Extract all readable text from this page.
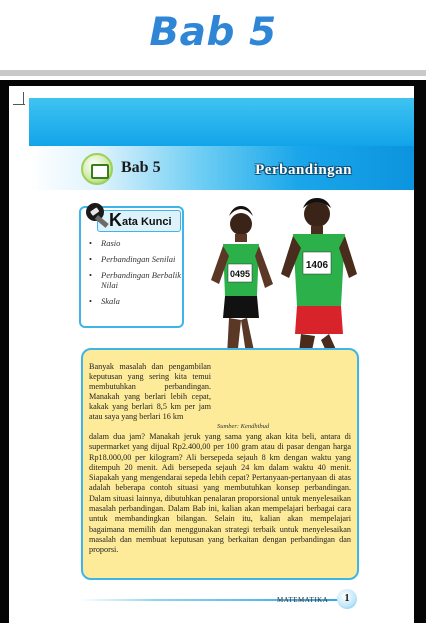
Bab 5
Bab 5	Perbandingan
K ata Kunci
• Rasio
• Perbandingan Senilai
• Perbandingan Berbalik Nilai
• Skala
0495
1406

Banyak masalah dan pengambilan keputusan yang sering kita temui membutuhkan perbandingan. Manakah yang berlari lebih cepat, kakak yang berlari 8,5 km per jam atau saya yang berlari 16 km

Sumber: Kendhibud

dalam dua jam? Manakah jeruk yang sama yang akan kita beli, antara di supermarket yang dijual Rp2.400,00 per 100 gram atau di pasar dengan harga Rp18.000,00 per kilogram? Ali bersepeda sejauh 8 km dengan waktu yang ditempuh 20 menit. Adi bersepeda sejauh 24 km dalam waktu 40 menit. Siapakah yang mengendarai sepeda lebih cepat? Pertanyaan-pertanyaan di atas adalah beberapa contoh situasi yang membutuhkan konsep perbandingan. Dalam situasi lainnya, dibutuhkan penalaran proporsional untuk menyelesaikan masalah perbandingan. Dalam Bab ini, kalian akan mempelajari berbagai cara untuk membandingkan bilangan. Selain itu, kalian akan mempelajari bagaimana memilih dan menggunakan strategi terbaik untuk menyelesaikan masalah dan membuat keputusan yang berkaitan dengan perbandingan dan proporsi.

MATEMATIKA	1
